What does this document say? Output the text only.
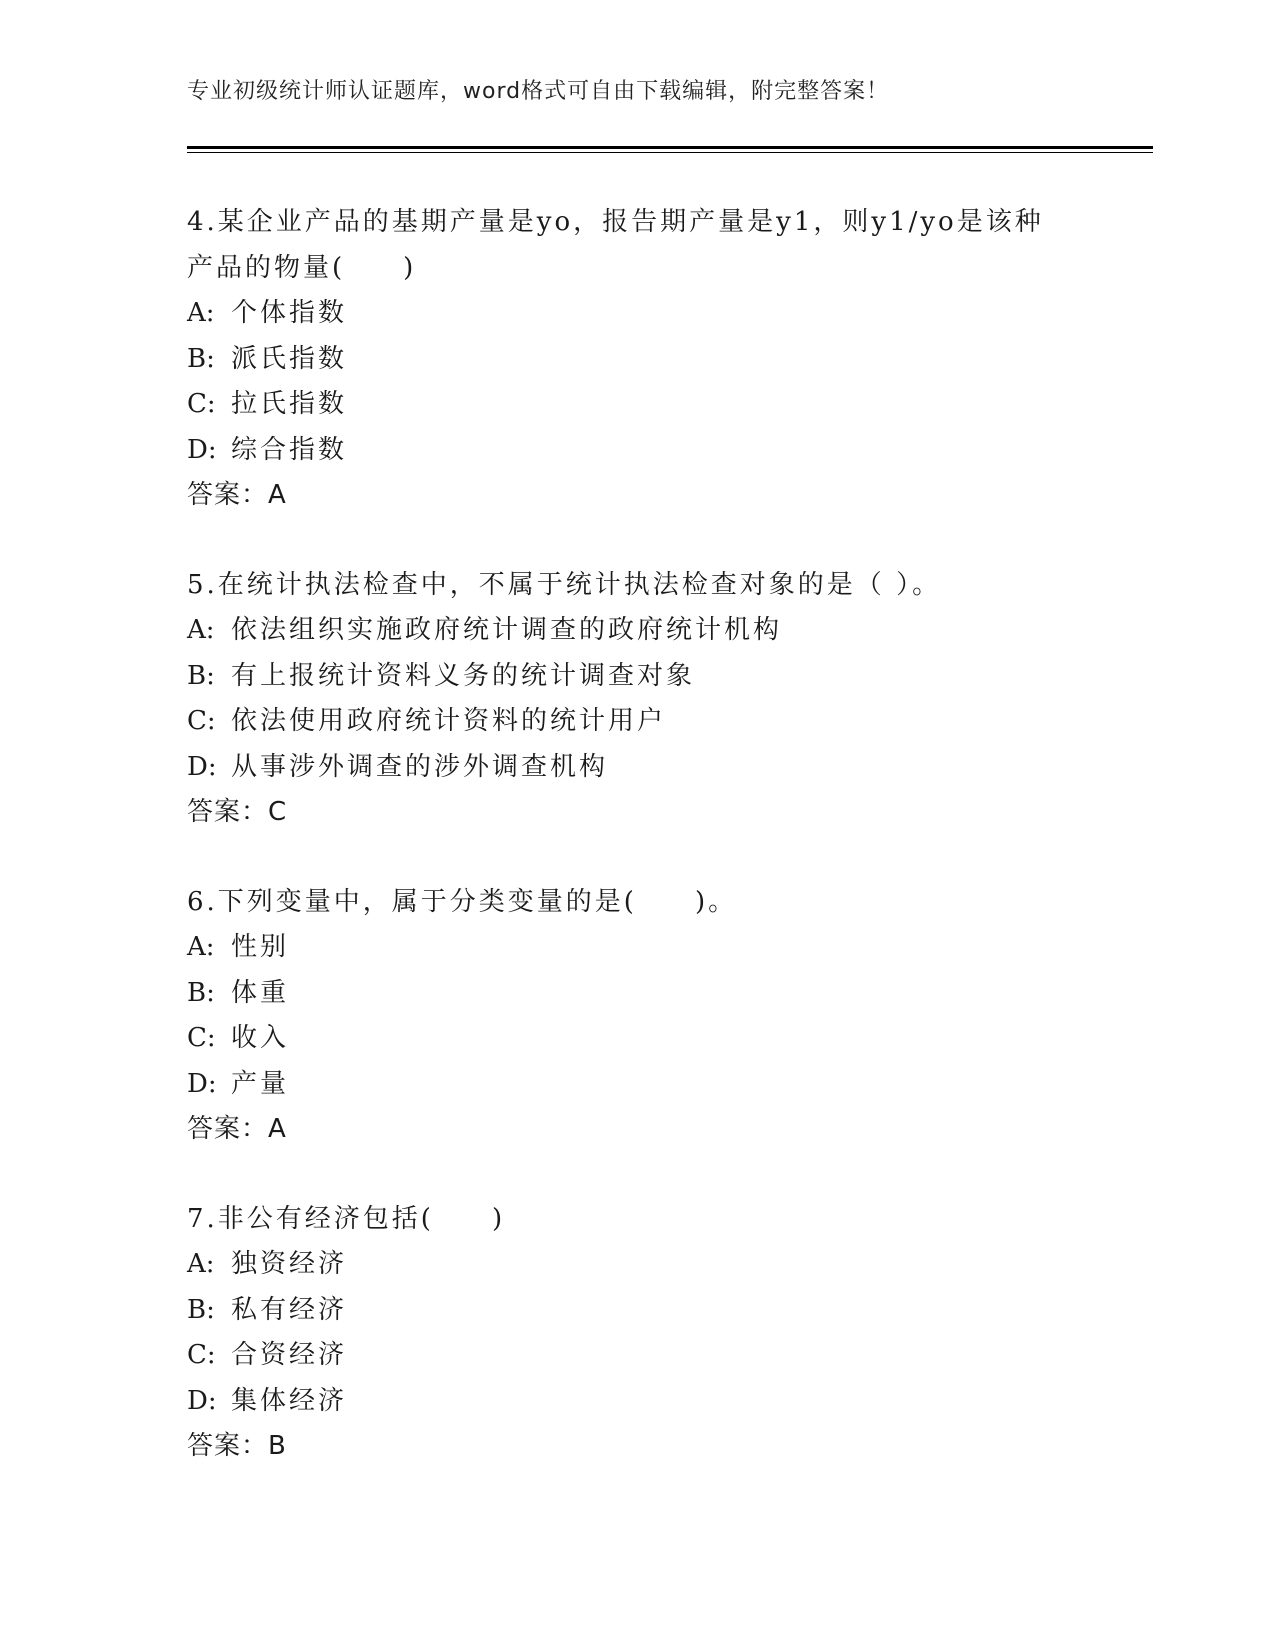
专业初级统计师认证题库，word格式可自由下载编辑，附完整答案！
4.某企业产品的基期产量是yo，报告期产量是y1，则y1/yo是该种
产品的物量(　　)
A: 个体指数
B: 派氏指数
C: 拉氏指数
D: 综合指数
答案：A
5.在统计执法检查中，不属于统计执法检查对象的是（ ）。
A: 依法组织实施政府统计调查的政府统计机构
B: 有上报统计资料义务的统计调查对象
C: 依法使用政府统计资料的统计用户
D: 从事涉外调查的涉外调查机构
答案：C
6.下列变量中，属于分类变量的是(　　)。
A: 性别
B: 体重
C: 收入
D: 产量
答案：A
7.非公有经济包括(　　)
A: 独资经济
B: 私有经济
C: 合资经济
D: 集体经济
答案：B
